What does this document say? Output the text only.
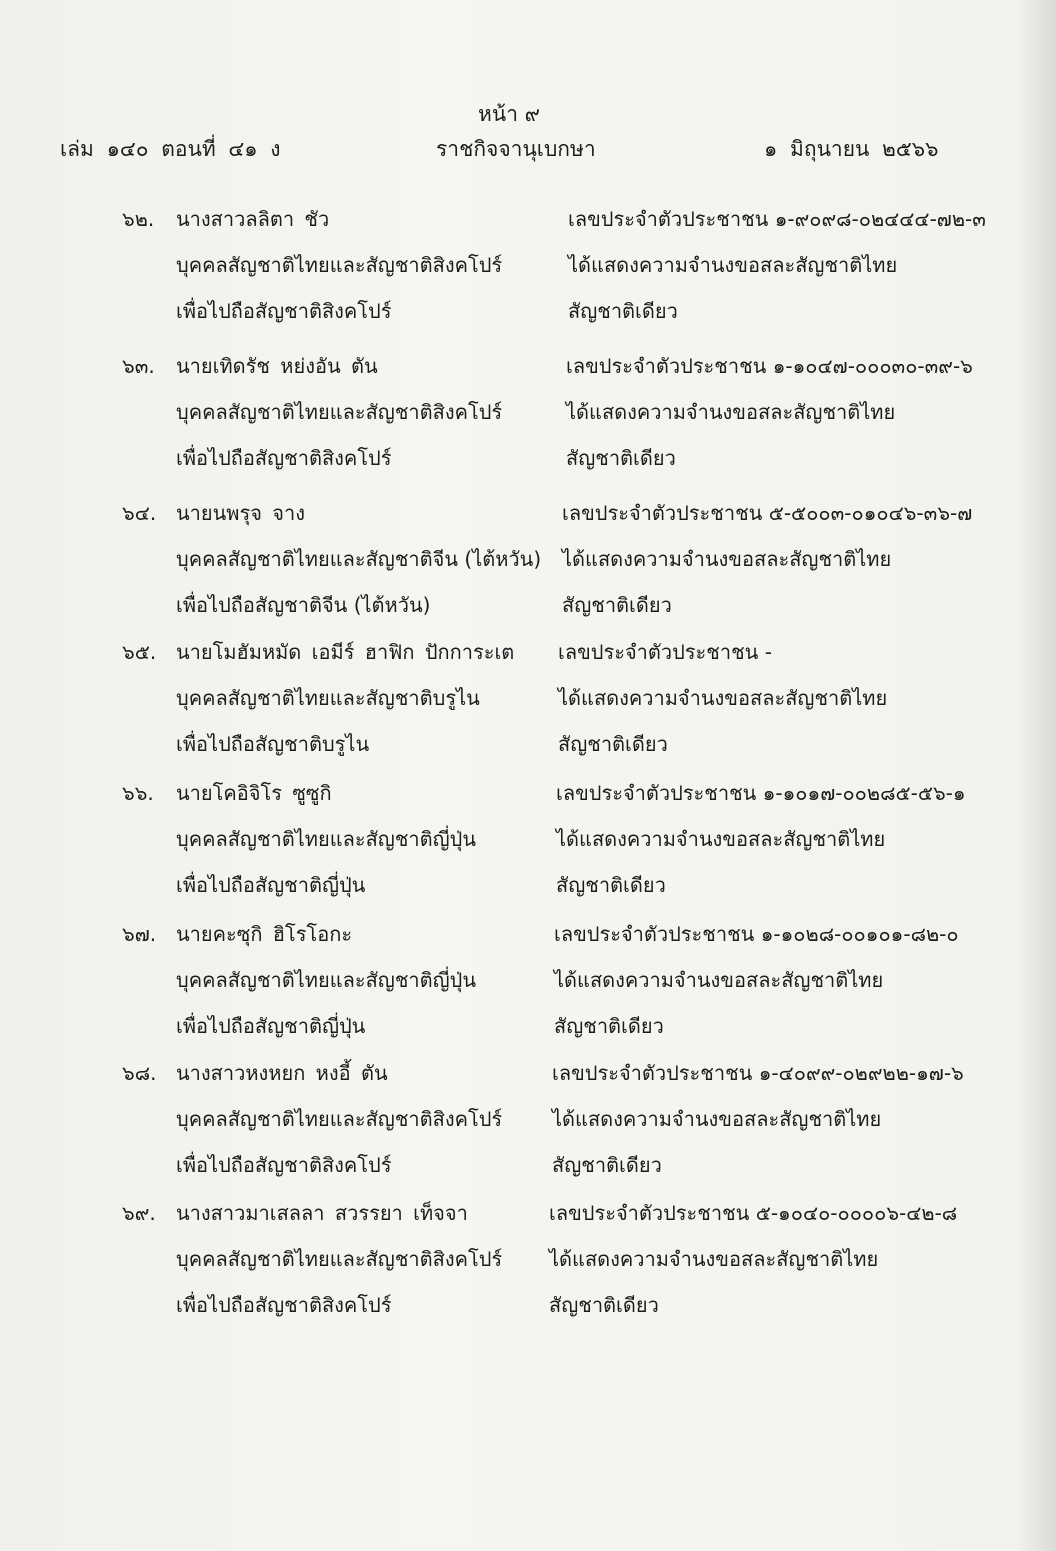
หน้า ๙
เล่ม ๑๔๐ ตอนที่ ๔๑ ง	ราชกิจจานุเบกษา	๑ มิถุนายน ๒๕๖๖
๖๒. นางสาวลลิตา ชัว
บุคคลสัญชาติไทยและสัญชาติสิงคโปร์
เพื่อไปถือสัญชาติสิงคโปร์
เลขประจำตัวประชาชน ๑-๙๐๙๘-๐๒๔๔๔-๗๒-๓
ได้แสดงความจำนงขอสละสัญชาติไทย
สัญชาติเดียว
๖๓. นายเทิดรัช หย่งอัน ตัน
บุคคลสัญชาติไทยและสัญชาติสิงคโปร์
เพื่อไปถือสัญชาติสิงคโปร์
เลขประจำตัวประชาชน ๑-๑๐๔๗-๐๐๐๓๐-๓๙-๖
ได้แสดงความจำนงขอสละสัญชาติไทย
สัญชาติเดียว
๖๔. นายนพรุจ จาง
บุคคลสัญชาติไทยและสัญชาติจีน (ไต้หวัน)
เพื่อไปถือสัญชาติจีน (ไต้หวัน)
เลขประจำตัวประชาชน ๕-๕๐๐๓-๐๑๐๔๖-๓๖-๗
ได้แสดงความจำนงขอสละสัญชาติไทย
สัญชาติเดียว
๖๕. นายโมฮัมหมัด เอมีร์ ฮาฟิก ปักการะเต
บุคคลสัญชาติไทยและสัญชาติบรูไน
เพื่อไปถือสัญชาติบรูไน
เลขประจำตัวประชาชน -
ได้แสดงความจำนงขอสละสัญชาติไทย
สัญชาติเดียว
๖๖. นายโคอิจิโร ซูซูกิ
บุคคลสัญชาติไทยและสัญชาติญี่ปุ่น
เพื่อไปถือสัญชาติญี่ปุ่น
เลขประจำตัวประชาชน ๑-๑๐๑๗-๐๐๒๘๕-๕๖-๑
ได้แสดงความจำนงขอสละสัญชาติไทย
สัญชาติเดียว
๖๗. นายคะซุกิ ฮิโรโอกะ
บุคคลสัญชาติไทยและสัญชาติญี่ปุ่น
เพื่อไปถือสัญชาติญี่ปุ่น
เลขประจำตัวประชาชน ๑-๑๐๒๘-๐๐๑๐๑-๘๒-๐
ได้แสดงความจำนงขอสละสัญชาติไทย
สัญชาติเดียว
๖๘. นางสาวหงหยก หงอี้ ตัน
บุคคลสัญชาติไทยและสัญชาติสิงคโปร์
เพื่อไปถือสัญชาติสิงคโปร์
เลขประจำตัวประชาชน ๑-๔๐๙๙-๐๒๙๒๒-๑๗-๖
ได้แสดงความจำนงขอสละสัญชาติไทย
สัญชาติเดียว
๖๙. นางสาวมาเสลลา สวรรยา เท็จจา
บุคคลสัญชาติไทยและสัญชาติสิงคโปร์
เพื่อไปถือสัญชาติสิงคโปร์
เลขประจำตัวประชาชน ๕-๑๐๔๐-๐๐๐๐๖-๔๒-๘
ได้แสดงความจำนงขอสละสัญชาติไทย
สัญชาติเดียว
